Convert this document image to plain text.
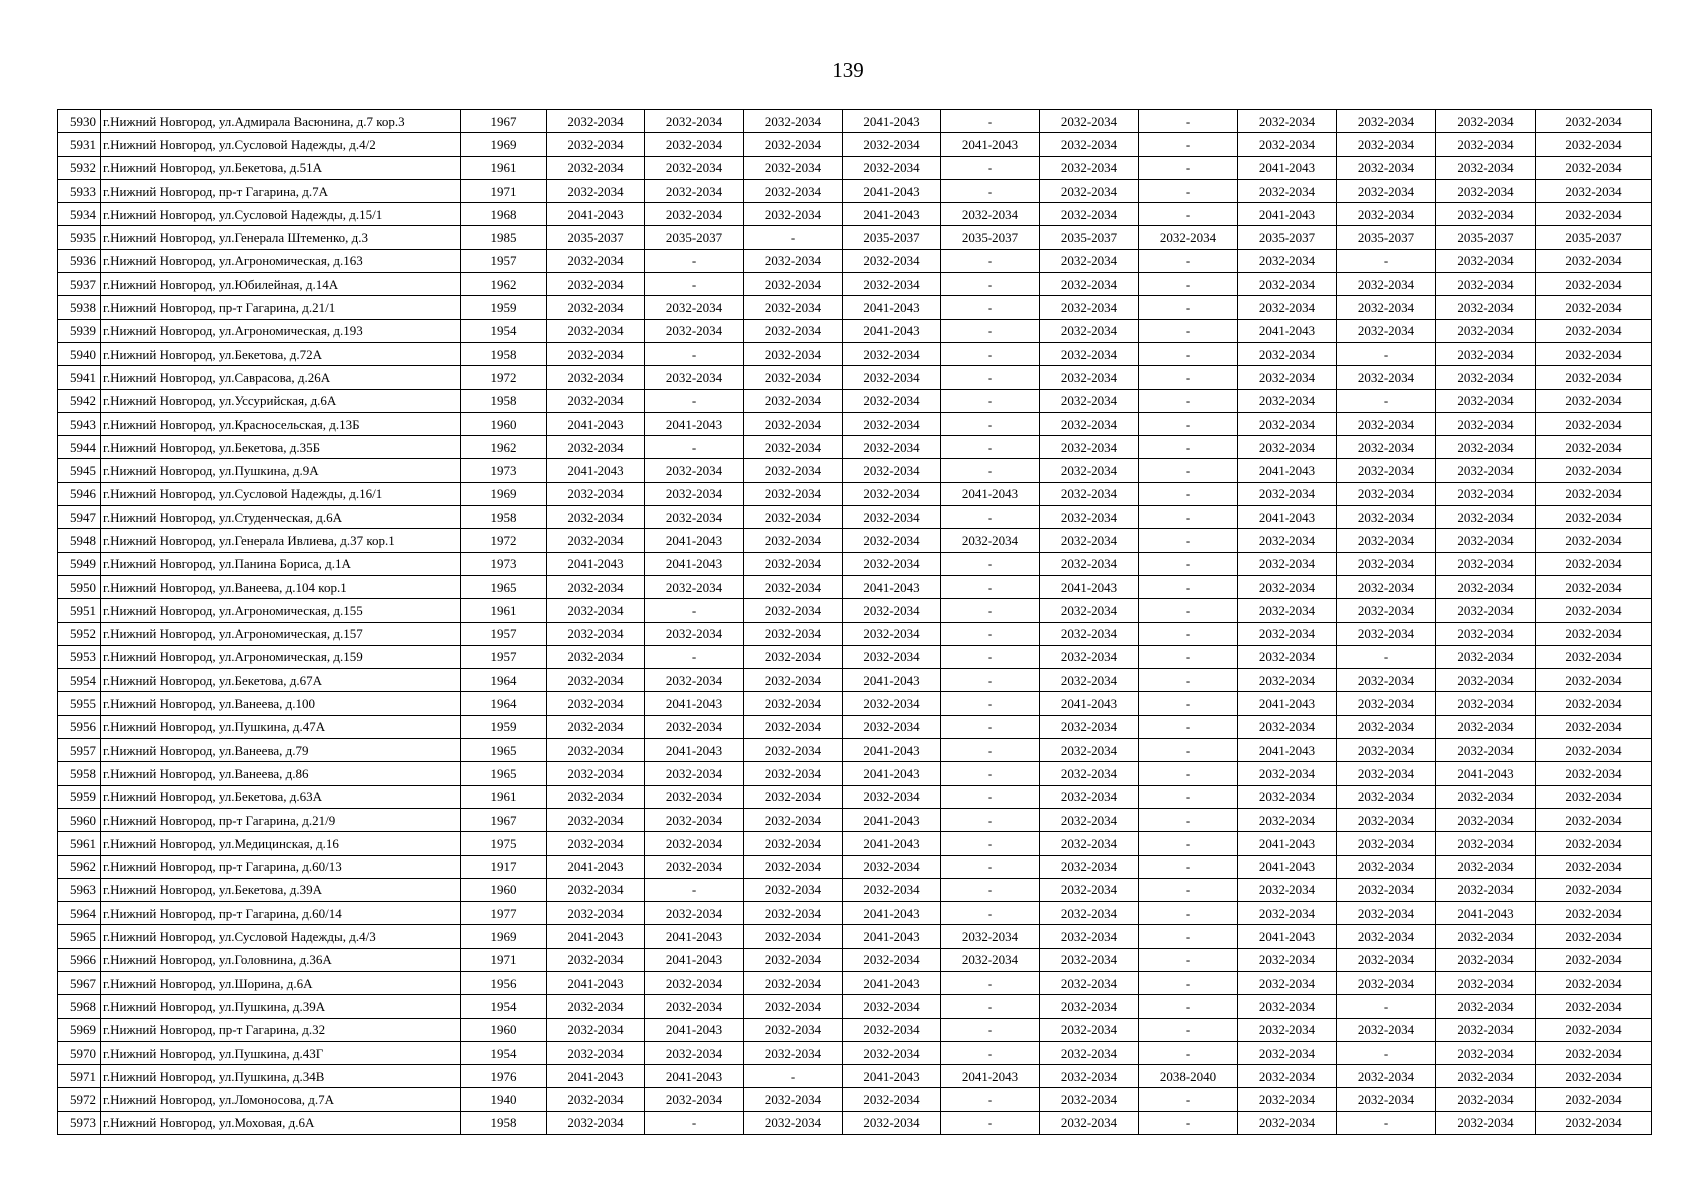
139
5930	г.Нижний Новгород, ул.Адмирала Васюнина, д.7 кор.3	1967	2032-2034	2032-2034	2032-2034	2041-2043	-	2032-2034	-	2032-2034	2032-2034	2032-2034	2032-2034
5931	г.Нижний Новгород, ул.Сусловой Надежды, д.4/2	1969	2032-2034	2032-2034	2032-2034	2032-2034	2041-2043	2032-2034	-	2032-2034	2032-2034	2032-2034	2032-2034
5932	г.Нижний Новгород, ул.Бекетова, д.51А	1961	2032-2034	2032-2034	2032-2034	2032-2034	-	2032-2034	-	2041-2043	2032-2034	2032-2034	2032-2034
5933	г.Нижний Новгород, пр-т Гагарина, д.7А	1971	2032-2034	2032-2034	2032-2034	2041-2043	-	2032-2034	-	2032-2034	2032-2034	2032-2034	2032-2034
5934	г.Нижний Новгород, ул.Сусловой Надежды, д.15/1	1968	2041-2043	2032-2034	2032-2034	2041-2043	2032-2034	2032-2034	-	2041-2043	2032-2034	2032-2034	2032-2034
5935	г.Нижний Новгород, ул.Генерала Штеменко, д.3	1985	2035-2037	2035-2037	-	2035-2037	2035-2037	2035-2037	2032-2034	2035-2037	2035-2037	2035-2037	2035-2037
5936	г.Нижний Новгород, ул.Агрономическая, д.163	1957	2032-2034	-	2032-2034	2032-2034	-	2032-2034	-	2032-2034	-	2032-2034	2032-2034
5937	г.Нижний Новгород, ул.Юбилейная, д.14А	1962	2032-2034	-	2032-2034	2032-2034	-	2032-2034	-	2032-2034	2032-2034	2032-2034	2032-2034
5938	г.Нижний Новгород, пр-т Гагарина, д.21/1	1959	2032-2034	2032-2034	2032-2034	2041-2043	-	2032-2034	-	2032-2034	2032-2034	2032-2034	2032-2034
5939	г.Нижний Новгород, ул.Агрономическая, д.193	1954	2032-2034	2032-2034	2032-2034	2041-2043	-	2032-2034	-	2041-2043	2032-2034	2032-2034	2032-2034
5940	г.Нижний Новгород, ул.Бекетова, д.72А	1958	2032-2034	-	2032-2034	2032-2034	-	2032-2034	-	2032-2034	-	2032-2034	2032-2034
5941	г.Нижний Новгород, ул.Саврасова, д.26А	1972	2032-2034	2032-2034	2032-2034	2032-2034	-	2032-2034	-	2032-2034	2032-2034	2032-2034	2032-2034
5942	г.Нижний Новгород, ул.Уссурийская, д.6А	1958	2032-2034	-	2032-2034	2032-2034	-	2032-2034	-	2032-2034	-	2032-2034	2032-2034
5943	г.Нижний Новгород, ул.Красносельская, д.13Б	1960	2041-2043	2041-2043	2032-2034	2032-2034	-	2032-2034	-	2032-2034	2032-2034	2032-2034	2032-2034
5944	г.Нижний Новгород, ул.Бекетова, д.35Б	1962	2032-2034	-	2032-2034	2032-2034	-	2032-2034	-	2032-2034	2032-2034	2032-2034	2032-2034
5945	г.Нижний Новгород, ул.Пушкина, д.9А	1973	2041-2043	2032-2034	2032-2034	2032-2034	-	2032-2034	-	2041-2043	2032-2034	2032-2034	2032-2034
5946	г.Нижний Новгород, ул.Сусловой Надежды, д.16/1	1969	2032-2034	2032-2034	2032-2034	2032-2034	2041-2043	2032-2034	-	2032-2034	2032-2034	2032-2034	2032-2034
5947	г.Нижний Новгород, ул.Студенческая, д.6А	1958	2032-2034	2032-2034	2032-2034	2032-2034	-	2032-2034	-	2041-2043	2032-2034	2032-2034	2032-2034
5948	г.Нижний Новгород, ул.Генерала Ивлиева, д.37 кор.1	1972	2032-2034	2041-2043	2032-2034	2032-2034	2032-2034	2032-2034	-	2032-2034	2032-2034	2032-2034	2032-2034
5949	г.Нижний Новгород, ул.Панина Бориса, д.1А	1973	2041-2043	2041-2043	2032-2034	2032-2034	-	2032-2034	-	2032-2034	2032-2034	2032-2034	2032-2034
5950	г.Нижний Новгород, ул.Ванеева, д.104 кор.1	1965	2032-2034	2032-2034	2032-2034	2041-2043	-	2041-2043	-	2032-2034	2032-2034	2032-2034	2032-2034
5951	г.Нижний Новгород, ул.Агрономическая, д.155	1961	2032-2034	-	2032-2034	2032-2034	-	2032-2034	-	2032-2034	2032-2034	2032-2034	2032-2034
5952	г.Нижний Новгород, ул.Агрономическая, д.157	1957	2032-2034	2032-2034	2032-2034	2032-2034	-	2032-2034	-	2032-2034	2032-2034	2032-2034	2032-2034
5953	г.Нижний Новгород, ул.Агрономическая, д.159	1957	2032-2034	-	2032-2034	2032-2034	-	2032-2034	-	2032-2034	-	2032-2034	2032-2034
5954	г.Нижний Новгород, ул.Бекетова, д.67А	1964	2032-2034	2032-2034	2032-2034	2041-2043	-	2032-2034	-	2032-2034	2032-2034	2032-2034	2032-2034
5955	г.Нижний Новгород, ул.Ванеева, д.100	1964	2032-2034	2041-2043	2032-2034	2032-2034	-	2041-2043	-	2041-2043	2032-2034	2032-2034	2032-2034
5956	г.Нижний Новгород, ул.Пушкина, д.47А	1959	2032-2034	2032-2034	2032-2034	2032-2034	-	2032-2034	-	2032-2034	2032-2034	2032-2034	2032-2034
5957	г.Нижний Новгород, ул.Ванеева, д.79	1965	2032-2034	2041-2043	2032-2034	2041-2043	-	2032-2034	-	2041-2043	2032-2034	2032-2034	2032-2034
5958	г.Нижний Новгород, ул.Ванеева, д.86	1965	2032-2034	2032-2034	2032-2034	2041-2043	-	2032-2034	-	2032-2034	2032-2034	2041-2043	2032-2034
5959	г.Нижний Новгород, ул.Бекетова, д.63А	1961	2032-2034	2032-2034	2032-2034	2032-2034	-	2032-2034	-	2032-2034	2032-2034	2032-2034	2032-2034
5960	г.Нижний Новгород, пр-т Гагарина, д.21/9	1967	2032-2034	2032-2034	2032-2034	2041-2043	-	2032-2034	-	2032-2034	2032-2034	2032-2034	2032-2034
5961	г.Нижний Новгород, ул.Медицинская, д.16	1975	2032-2034	2032-2034	2032-2034	2041-2043	-	2032-2034	-	2041-2043	2032-2034	2032-2034	2032-2034
5962	г.Нижний Новгород, пр-т Гагарина, д.60/13	1917	2041-2043	2032-2034	2032-2034	2032-2034	-	2032-2034	-	2041-2043	2032-2034	2032-2034	2032-2034
5963	г.Нижний Новгород, ул.Бекетова, д.39А	1960	2032-2034	-	2032-2034	2032-2034	-	2032-2034	-	2032-2034	2032-2034	2032-2034	2032-2034
5964	г.Нижний Новгород, пр-т Гагарина, д.60/14	1977	2032-2034	2032-2034	2032-2034	2041-2043	-	2032-2034	-	2032-2034	2032-2034	2041-2043	2032-2034
5965	г.Нижний Новгород, ул.Сусловой Надежды, д.4/3	1969	2041-2043	2041-2043	2032-2034	2041-2043	2032-2034	2032-2034	-	2041-2043	2032-2034	2032-2034	2032-2034
5966	г.Нижний Новгород, ул.Головнина, д.36А	1971	2032-2034	2041-2043	2032-2034	2032-2034	2032-2034	2032-2034	-	2032-2034	2032-2034	2032-2034	2032-2034
5967	г.Нижний Новгород, ул.Шорина, д.6А	1956	2041-2043	2032-2034	2032-2034	2041-2043	-	2032-2034	-	2032-2034	2032-2034	2032-2034	2032-2034
5968	г.Нижний Новгород, ул.Пушкина, д.39А	1954	2032-2034	2032-2034	2032-2034	2032-2034	-	2032-2034	-	2032-2034	-	2032-2034	2032-2034
5969	г.Нижний Новгород, пр-т Гагарина, д.32	1960	2032-2034	2041-2043	2032-2034	2032-2034	-	2032-2034	-	2032-2034	2032-2034	2032-2034	2032-2034
5970	г.Нижний Новгород, ул.Пушкина, д.43Г	1954	2032-2034	2032-2034	2032-2034	2032-2034	-	2032-2034	-	2032-2034	-	2032-2034	2032-2034
5971	г.Нижний Новгород, ул.Пушкина, д.34В	1976	2041-2043	2041-2043	-	2041-2043	2041-2043	2032-2034	2038-2040	2032-2034	2032-2034	2032-2034	2032-2034
5972	г.Нижний Новгород, ул.Ломоносова, д.7А	1940	2032-2034	2032-2034	2032-2034	2032-2034	-	2032-2034	-	2032-2034	2032-2034	2032-2034	2032-2034
5973	г.Нижний Новгород, ул.Моховая, д.6А	1958	2032-2034	-	2032-2034	2032-2034	-	2032-2034	-	2032-2034	-	2032-2034	2032-2034
